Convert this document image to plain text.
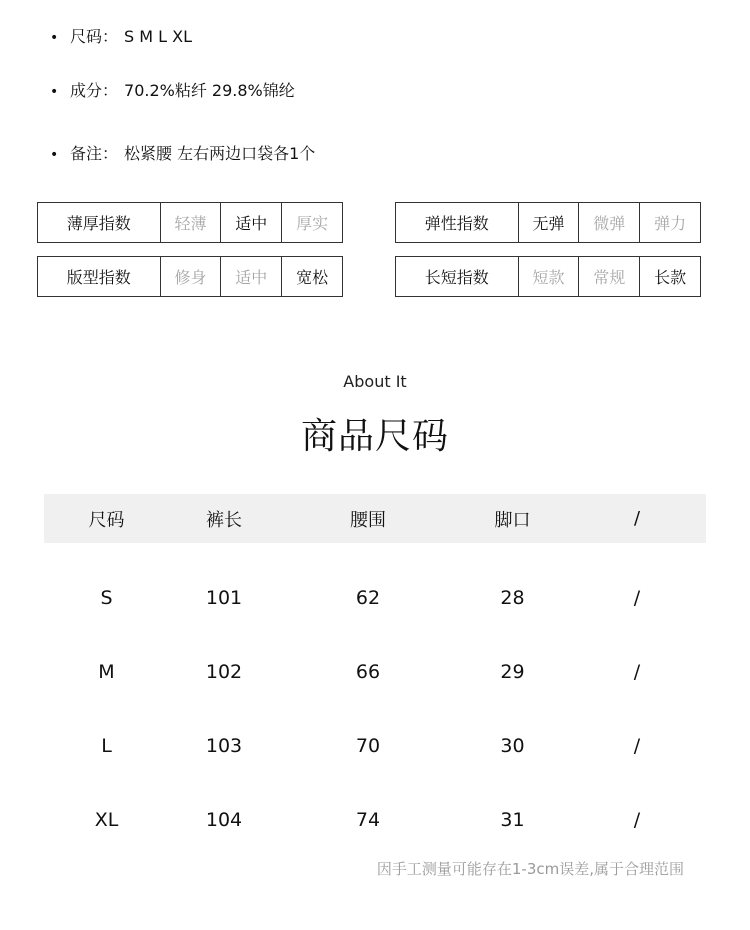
• 尺码： S M L XL
• 成分： 70.2%粘纤 29.8%锦纶
• 备注： 松紧腰 左右两边口袋各1个
薄厚指数	轻薄	适中	厚实
版型指数	修身	适中	宽松
弹性指数	无弹	微弹	弹力
长短指数	短款	常规	长款
About It
商品尺码
尺码	裤长	腰围	脚口	/
S	101	62	28	/
M	102	66	29	/
L	103	70	30	/
XL	104	74	31	/
因手工测量可能存在1-3cm误差,属于合理范围
